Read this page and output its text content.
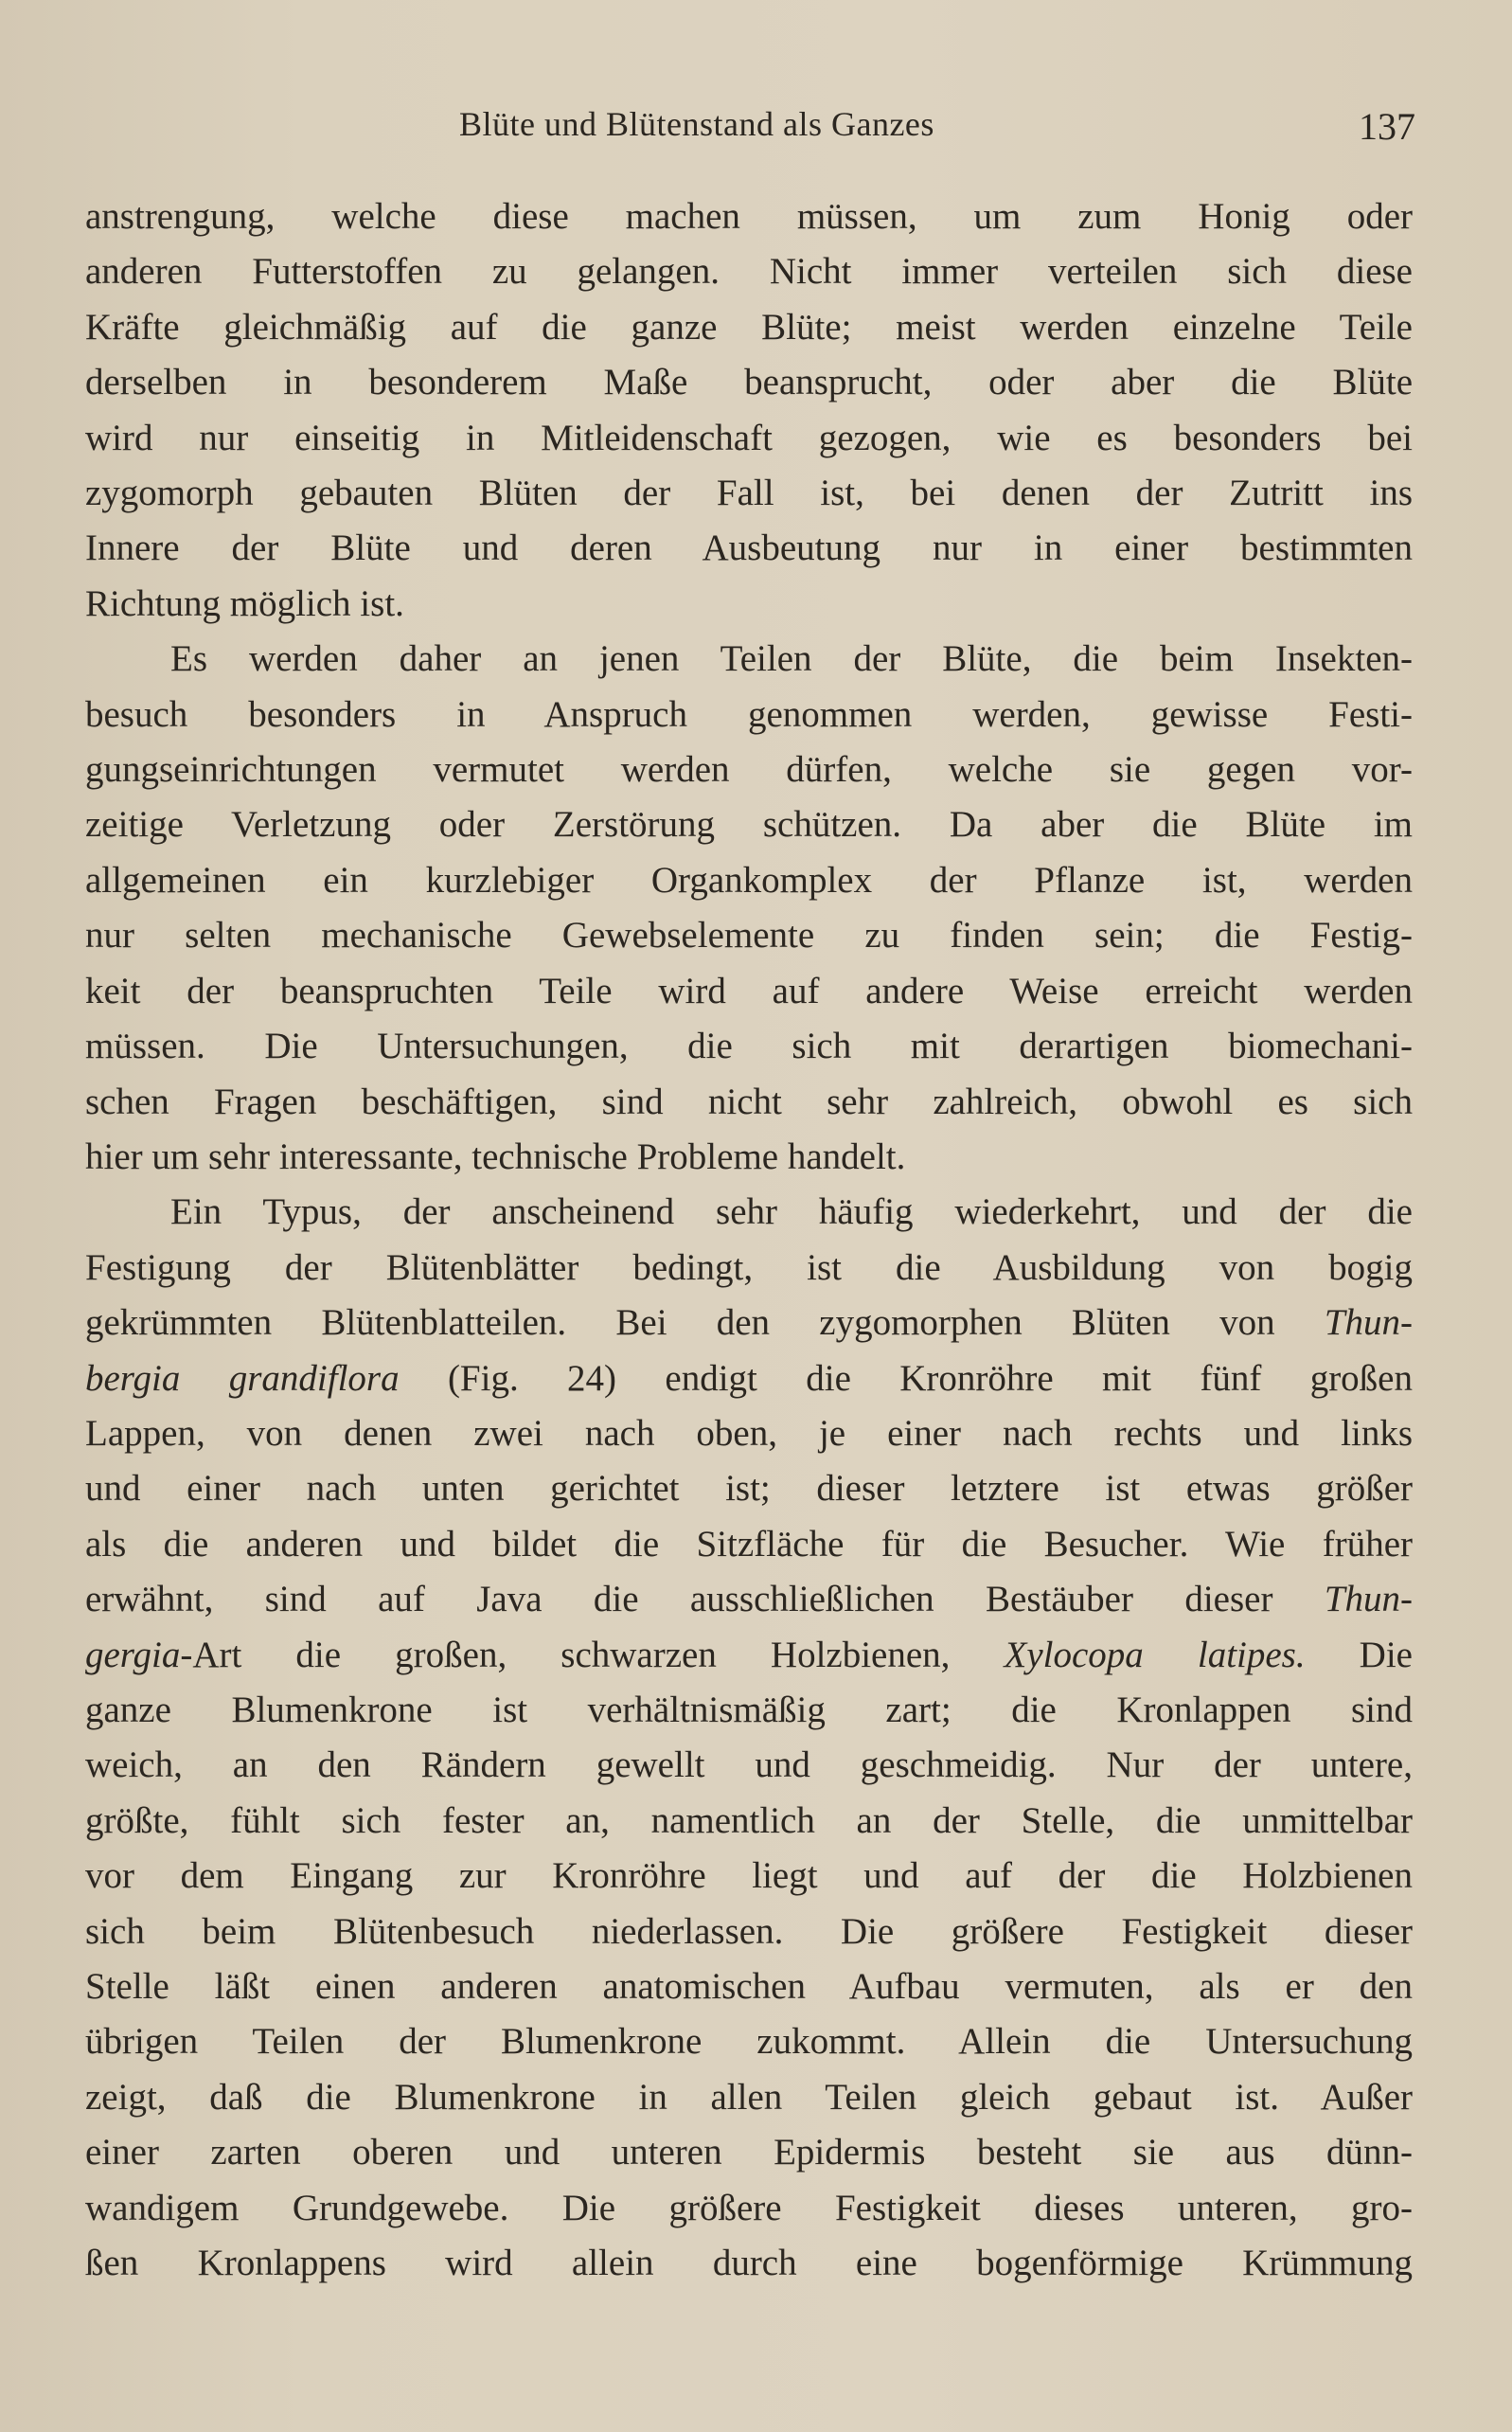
Blüte und Blütenstand als Ganzes	137
anstrengung, welche diese machen müssen, um zum Honig oder
anderen Futterstoffen zu gelangen. Nicht immer verteilen sich diese
Kräfte gleichmäßig auf die ganze Blüte; meist werden einzelne Teile
derselben in besonderem Maße beansprucht, oder aber die Blüte
wird nur einseitig in Mitleidenschaft gezogen, wie es besonders bei
zygomorph gebauten Blüten der Fall ist, bei denen der Zutritt ins
Innere der Blüte und deren Ausbeutung nur in einer bestimmten
Richtung möglich ist.
Es werden daher an jenen Teilen der Blüte, die beim Insekten-
besuch besonders in Anspruch genommen werden, gewisse Festi-
gungseinrichtungen vermutet werden dürfen, welche sie gegen vor-
zeitige Verletzung oder Zerstörung schützen. Da aber die Blüte im
allgemeinen ein kurzlebiger Organkomplex der Pflanze ist, werden
nur selten mechanische Gewebselemente zu finden sein; die Festig-
keit der beanspruchten Teile wird auf andere Weise erreicht werden
müssen. Die Untersuchungen, die sich mit derartigen biomechani-
schen Fragen beschäftigen, sind nicht sehr zahlreich, obwohl es sich
hier um sehr interessante, technische Probleme handelt.
Ein Typus, der anscheinend sehr häufig wiederkehrt, und der die
Festigung der Blütenblätter bedingt, ist die Ausbildung von bogig
gekrümmten Blütenblatteilen. Bei den zygomorphen Blüten von Thun-
bergia grandiflora (Fig. 24) endigt die Kronröhre mit fünf großen
Lappen, von denen zwei nach oben, je einer nach rechts und links
und einer nach unten gerichtet ist; dieser letztere ist etwas größer
als die anderen und bildet die Sitzfläche für die Besucher. Wie früher
erwähnt, sind auf Java die ausschließlichen Bestäuber dieser Thun-
gergia-Art die großen, schwarzen Holzbienen, Xylocopa latipes. Die
ganze Blumenkrone ist verhältnismäßig zart; die Kronlappen sind
weich, an den Rändern gewellt und geschmeidig. Nur der untere,
größte, fühlt sich fester an, namentlich an der Stelle, die unmittelbar
vor dem Eingang zur Kronröhre liegt und auf der die Holzbienen
sich beim Blütenbesuch niederlassen. Die größere Festigkeit dieser
Stelle läßt einen anderen anatomischen Aufbau vermuten, als er den
übrigen Teilen der Blumenkrone zukommt. Allein die Untersuchung
zeigt, daß die Blumenkrone in allen Teilen gleich gebaut ist. Außer
einer zarten oberen und unteren Epidermis besteht sie aus dünn-
wandigem Grundgewebe. Die größere Festigkeit dieses unteren, gro-
ßen Kronlappens wird allein durch eine bogenförmige Krümmung
